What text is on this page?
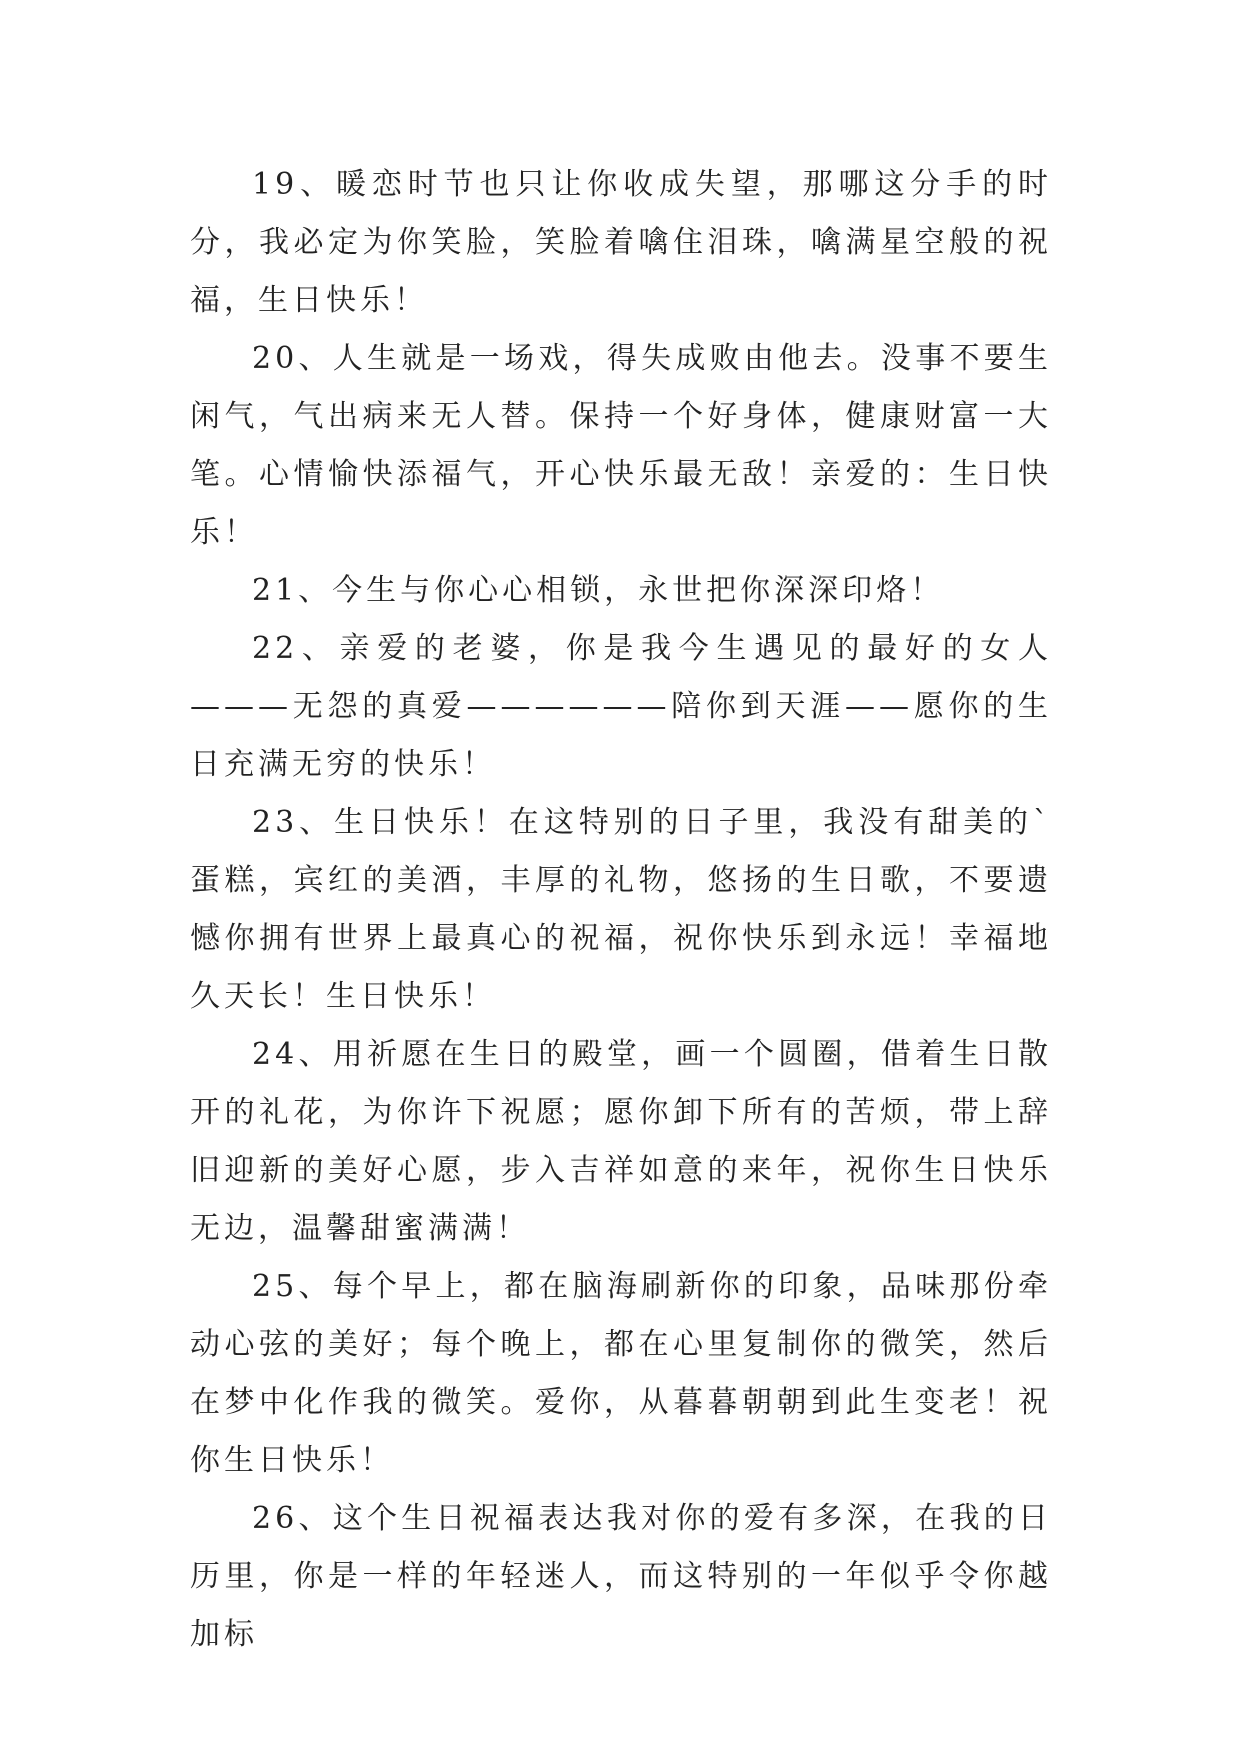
19、暖恋时节也只让你收成失望，那哪这分手的时分，我必定为你笑脸，笑脸着噙住泪珠，噙满星空般的祝福，生日快乐！

20、人生就是一场戏，得失成败由他去。没事不要生闲气，气出病来无人替。保持一个好身体，健康财富一大笔。心情愉快添福气，开心快乐最无敌！亲爱的：生日快乐！

21、今生与你心心相锁，永世把你深深印烙！

22、亲爱的老婆，你是我今生遇见的最好的女人———无怨的真爱——————陪你到天涯——愿你的生日充满无穷的快乐！

23、生日快乐！在这特别的日子里，我没有甜美的`蛋糕，宾红的美酒，丰厚的礼物，悠扬的生日歌，不要遗憾你拥有世界上最真心的祝福，祝你快乐到永远！幸福地久天长！生日快乐！

24、用祈愿在生日的殿堂，画一个圆圈，借着生日散开的礼花，为你许下祝愿；愿你卸下所有的苦烦，带上辞旧迎新的美好心愿，步入吉祥如意的来年，祝你生日快乐无边，温馨甜蜜满满！

25、每个早上，都在脑海刷新你的印象，品味那份牵动心弦的美好；每个晚上，都在心里复制你的微笑，然后在梦中化作我的微笑。爱你，从暮暮朝朝到此生变老！祝你生日快乐！

26、这个生日祝福表达我对你的爱有多深，在我的日历里，你是一样的年轻迷人，而这特别的一年似乎令你越加标
